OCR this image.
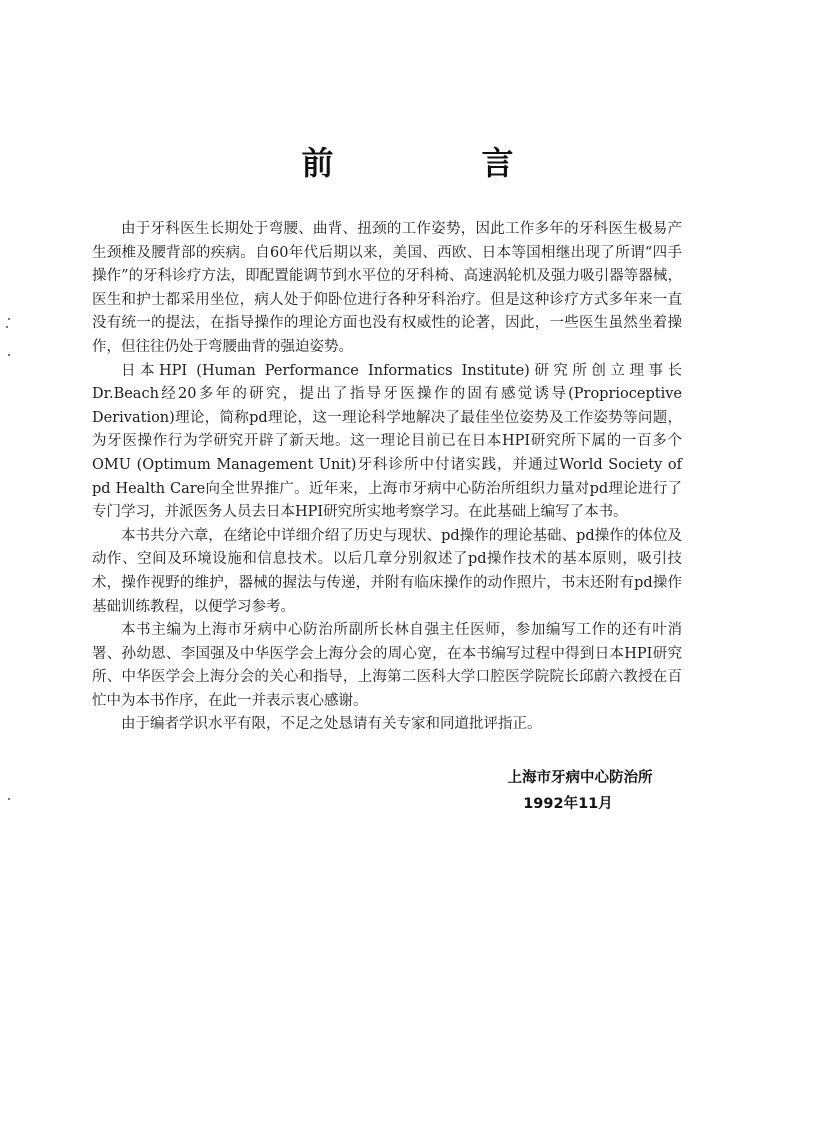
前　言

由于牙科医生长期处于弯腰、曲背、扭颈的工作姿势，因此工作多年的牙科医生极易产生颈椎及腰背部的疾病。自60年代后期以来，美国、西欧、日本等国相继出现了所谓“四手操作”的牙科诊疗方法，即配置能调节到水平位的牙科椅、高速涡轮机及强力吸引器等器械，医生和护士都采用坐位，病人处于仰卧位进行各种牙科治疗。但是这种诊疗方式多年来一直没有统一的提法，在指导操作的理论方面也没有权威性的论著，因此，一些医生虽然坐着操作，但往往仍处于弯腰曲背的强迫姿势。

日本HPI (Human Performance Informatics Institute)研究所创立理事长Dr.Beach经20多年的研究，提出了指导牙医操作的固有感觉诱导(Proprioceptive Derivation)理论，简称pd理论，这一理论科学地解决了最佳坐位姿势及工作姿势等问题，为牙医操作行为学研究开辟了新天地。这一理论目前已在日本HPI研究所下属的一百多个OMU (Optimum Management Unit)牙科诊所中付诸实践，并通过World Society of pd Health Care向全世界推广。近年来，上海市牙病中心防治所组织力量对pd理论进行了专门学习，并派医务人员去日本HPI研究所实地考察学习。在此基础上编写了本书。

本书共分六章，在绪论中详细介绍了历史与现状、pd操作的理论基础、pd操作的体位及动作、空间及环境设施和信息技术。以后几章分别叙述了pd操作技术的基本原则，吸引技术，操作视野的维护，器械的握法与传递，并附有临床操作的动作照片，书末还附有pd操作基础训练教程，以便学习参考。

本书主编为上海市牙病中心防治所副所长林自强主任医师，参加编写工作的还有叶消署、孙幼恩、李国强及中华医学会上海分会的周心宽，在本书编写过程中得到日本HPI研究所、中华医学会上海分会的关心和指导，上海第二医科大学口腔医学院院长邱蔚六教授在百忙中为本书作序，在此一并表示衷心感谢。

由于编者学识水平有限，不足之处恳请有关专家和同道批评指正。

上海市牙病中心防治所
1992年11月
